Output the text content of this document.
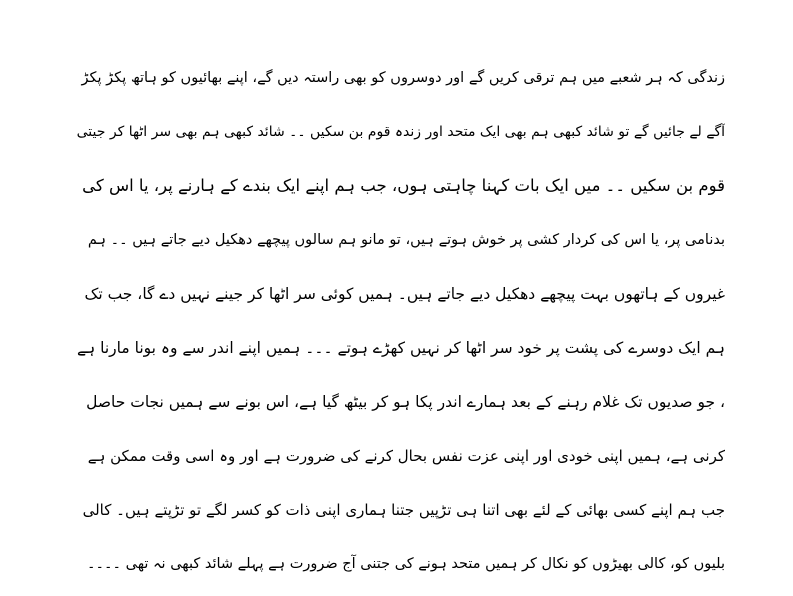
زندگی کہ ہر شعبے میں ہم ترقی کریں گے اور دوسروں کو بھی راستہ دیں گے، اپنے بھائیوں کو ہاتھ پکڑ پکڑ
آگے لے جائیں گے تو شائد کبھی ہم بھی ایک متحد اور زندہ قوم بن سکیں ۔۔ شائد کبھی ہم بھی سر اٹھا کر جیتی
قوم بن سکیں ۔۔ میں ایک بات کہنا چاہتی ہوں، جب ہم اپنے ایک بندے کے ہارنے پر، یا اس کی
بدنامی پر، یا اس کی کردار کشی پر خوش ہوتے ہیں، تو مانو ہم سالوں پیچھے دھکیل دیے جاتے ہیں ۔۔ ہم
غیروں کے ہاتھوں بہت پیچھے دھکیل دیے جاتے ہیں۔ ہمیں کوئی سر اٹھا کر جینے نہیں دے گا، جب تک
ہم ایک دوسرے کی پشت پر خود سر اٹھا کر نہیں کھڑے ہوتے ۔۔۔ ہمیں اپنے اندر سے وہ بونا مارنا ہے
، جو صدیوں تک غلام رہنے کے بعد ہمارے اندر پکا ہو کر بیٹھ گیا ہے، اس بونے سے ہمیں نجات حاصل
کرنی ہے، ہمیں اپنی خودی اور اپنی عزت نفس بحال کرنے کی ضرورت ہے اور وہ اسی وقت ممکن ہے
جب ہم اپنے کسی بھائی کے لئے بھی اتنا ہی تڑپیں جتنا ہماری اپنی ذات کو کسر لگے تو تڑپتے ہیں۔ کالی
بلیوں کو، کالی بھیڑوں کو نکال کر ہمیں متحد ہونے کی جتنی آج ضرورت ہے پہلے شائد کبھی نہ تھی ۔۔۔۔
